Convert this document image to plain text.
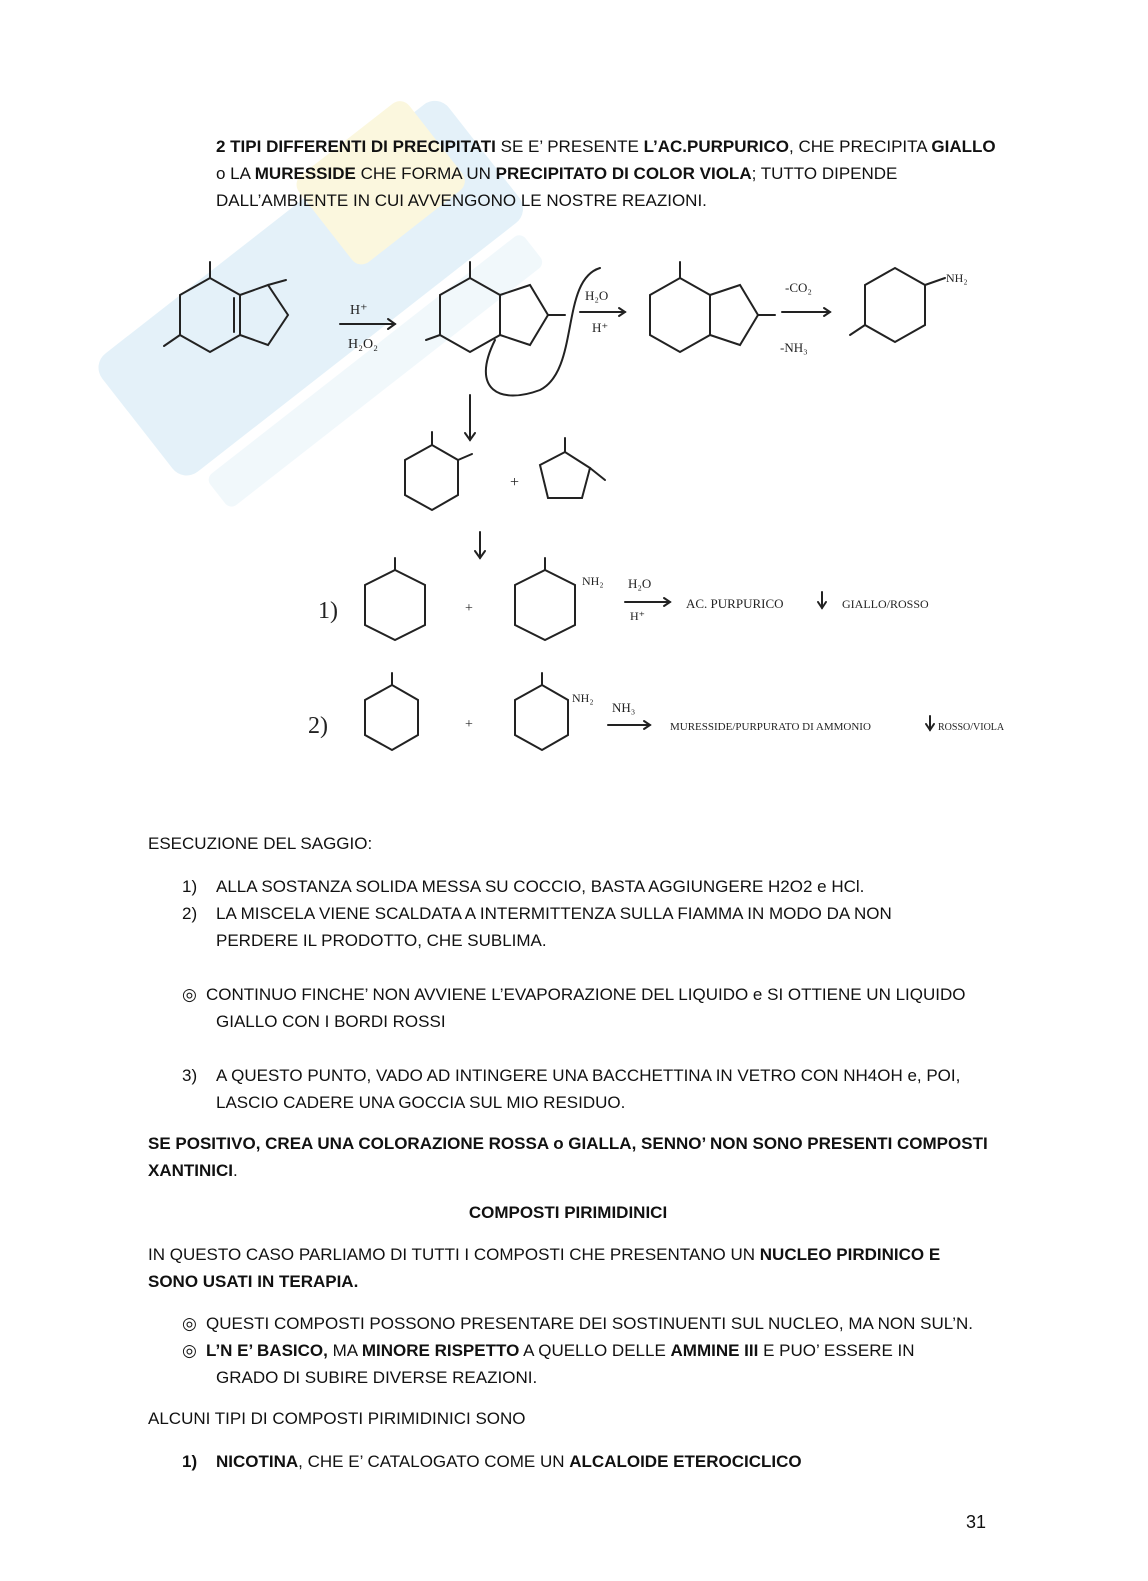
2 TIPI DIFFERENTI DI PRECIPITATI SE E’ PRESENTE L’AC.PURPURICO, CHE PRECIPITA GIALLO
o LA MURESSIDE CHE FORMA UN PRECIPITATO DI COLOR VIOLA; TUTTO DIPENDE
DALL’AMBIENTE IN CUI AVVENGONO LE NOSTRE REAZIONI.

H⁺
H₂O₂
H₂O
H⁺
-CO₂
-NH₃
NH₂
+
1)	+
NH₂ H₂O
H⁺
AC. PURPURICO	GIALLO/ROSSO
2)	+
NH₂
NH₃
MURESSIDE/PURPURATO DI AMMONIO	ROSSO/VIOLA
ESECUZIONE DEL SAGGIO:
1) ALLA SOSTANZA SOLIDA MESSA SU COCCIO, BASTA AGGIUNGERE H2O2 e HCl.
2) LA MISCELA VIENE SCALDATA A INTERMITTENZA SULLA FIAMMA IN MODO DA NON
PERDERE IL PRODOTTO, CHE SUBLIMA.
◎ CONTINUO FINCHE’ NON AVVIENE L’EVAPORAZIONE DEL LIQUIDO e SI OTTIENE UN LIQUIDO
GIALLO CON I BORDI ROSSI
3) A QUESTO PUNTO, VADO AD INTINGERE UNA BACCHETTINA IN VETRO CON NH4OH e, POI,
LASCIO CADERE UNA GOCCIA SUL MIO RESIDUO.

SE POSITIVO, CREA UNA COLORAZIONE ROSSA o GIALLA, SENNO’ NON SONO PRESENTI COMPOSTI
XANTINICI.

COMPOSTI PIRIMIDINICI

IN QUESTO CASO PARLIAMO DI TUTTI I COMPOSTI CHE PRESENTANO UN NUCLEO PIRDINICO E
SONO USATI IN TERAPIA.

◎ QUESTI COMPOSTI POSSONO PRESENTARE DEI SOSTINUENTI SUL NUCLEO, MA NON SUL’N.
◎ L’N E’ BASICO, MA MINORE RISPETTO A QUELLO DELLE AMMINE III E PUO’ ESSERE IN
GRADO DI SUBIRE DIVERSE REAZIONI.
ALCUNI TIPI DI COMPOSTI PIRIMIDINICI SONO
1) NICOTINA, CHE E’ CATALOGATO COME UN ALCALOIDE ETEROCICLICO
31
